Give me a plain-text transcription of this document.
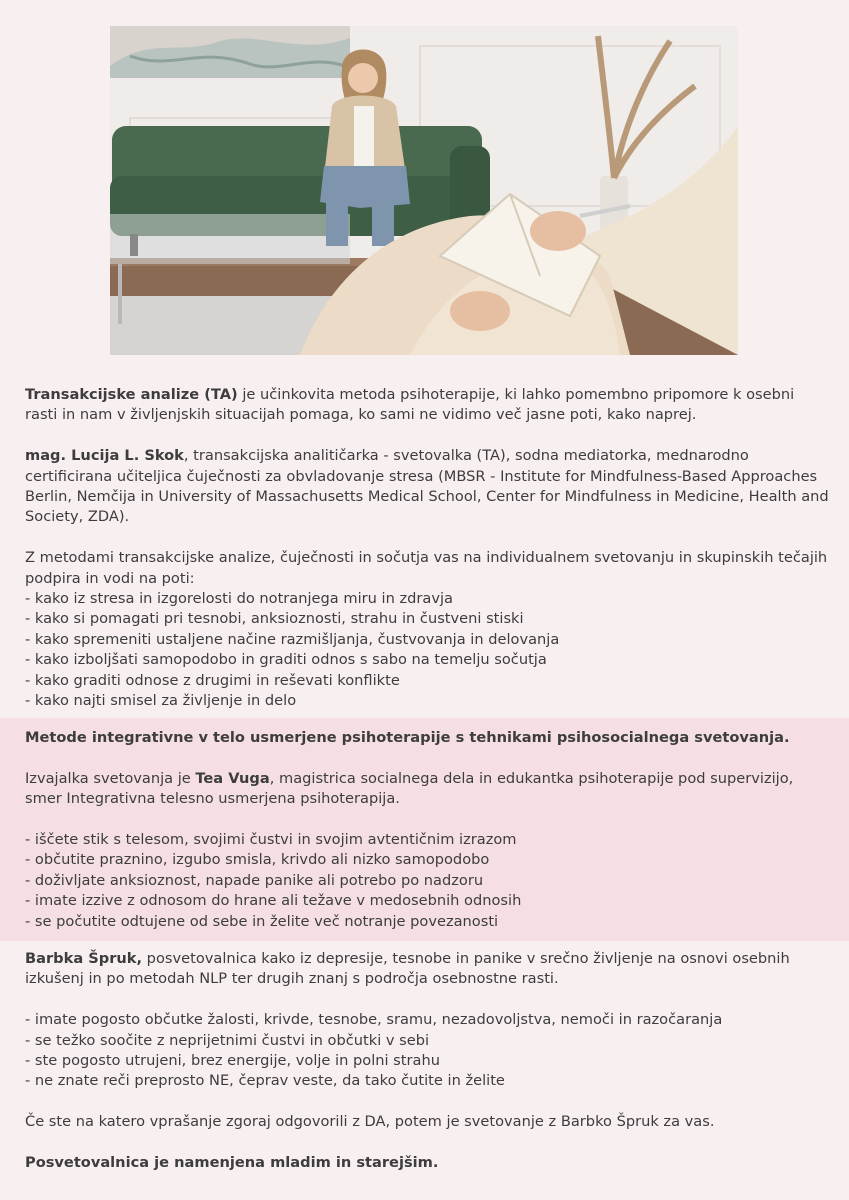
Transakcijske analize (TA) je učinkovita metoda psihoterapije, ki lahko pomembno pripomore k osebni rasti in nam v življenjskih situacijah pomaga, ko sami ne vidimo več jasne poti, kako naprej.

mag. Lucija L. Skok, transakcijska analitičarka - svetovalka (TA), sodna mediatorka, mednarodno certificirana učiteljica čuječnosti za obvladovanje stresa (MBSR - Institute for Mindfulness-Based Approaches Berlin, Nemčija in University of Massachusetts Medical School, Center for Mindfulness in Medicine, Health and Society, ZDA).

Z metodami transakcijske analize, čuječnosti in sočutja vas na individualnem svetovanju in skupinskih tečajih podpira in vodi na poti:

- kako iz stresa in izgorelosti do notranjega miru in zdravja
- kako si pomagati pri tesnobi, anksioznosti, strahu in čustveni stiski
- kako spremeniti ustaljene načine razmišljanja, čustvovanja in delovanja
- kako izboljšati samopodobo in graditi odnos s sabo na temelju sočutja
- kako graditi odnose z drugimi in reševati konflikte
- kako najti smisel za življenje in delo

Metode integrativne v telo usmerjene psihoterapije s tehnikami psihosocialnega svetovanja.

Izvajalka svetovanja je Tea Vuga, magistrica socialnega dela in edukantka psihoterapije pod supervizijo, smer Integrativna telesno usmerjena psihoterapija.

- iščete stik s telesom, svojimi čustvi in svojim avtentičnim izrazom
- občutite praznino, izgubo smisla, krivdo ali nizko samopodobo
- doživljate anksioznost, napade panike ali potrebo po nadzoru
- imate izzive z odnosom do hrane ali težave v medosebnih odnosih
- se počutite odtujene od sebe in želite več notranje povezanosti

Barbka Špruk, posvetovalnica kako iz depresije, tesnobe in panike v srečno življenje na osnovi osebnih izkušenj in po metodah NLP ter drugih znanj s področja osebnostne rasti.

- imate pogosto občutke žalosti, krivde, tesnobe, sramu, nezadovoljstva, nemoči in razočaranja
- se težko soočite z neprijetnimi čustvi in občutki v sebi
- ste pogosto utrujeni, brez energije, volje in polni strahu
- ne znate reči preprosto NE, čeprav veste, da tako čutite in želite

Če ste na katero vprašanje zgoraj odgovorili z DA, potem je svetovanje z Barbko Špruk za vas.

Posvetovalnica je namenjena mladim in starejšim.
